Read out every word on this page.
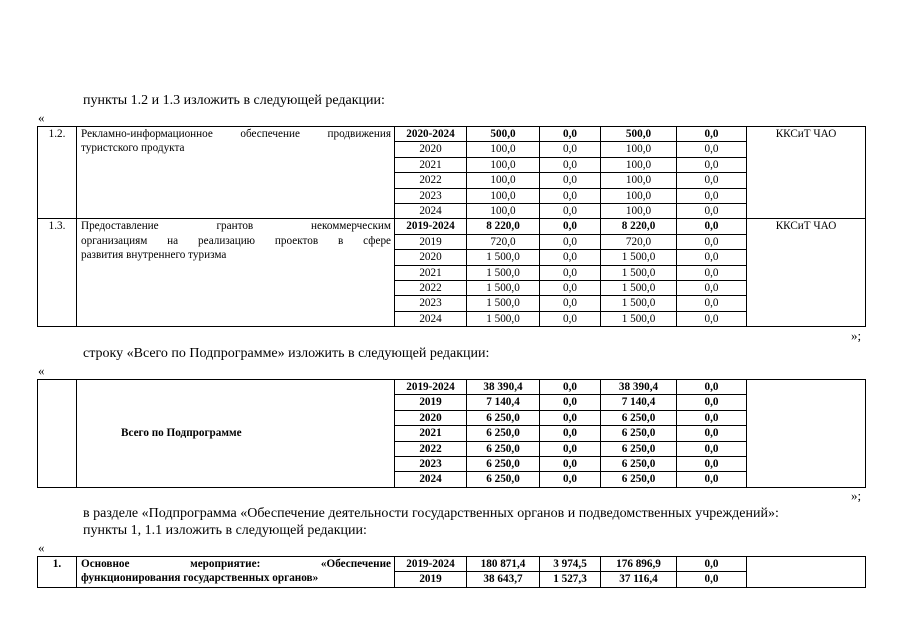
пункты 1.2 и 1.3 изложить в следующей редакции:
«
1.2.	Рекламно-информационное обеспечение продвижения
туристского продукта	2020-2024	500,0	0,0	500,0	0,0	ККСиТ ЧАО
		2020	100,0	0,0	100,0	0,0	
		2021	100,0	0,0	100,0	0,0	
		2022	100,0	0,0	100,0	0,0	
		2023	100,0	0,0	100,0	0,0	
		2024	100,0	0,0	100,0	0,0	
1.3.	Предоставление грантов некоммерческим
организациям на реализацию проектов в сфере
развития внутреннего туризма	2019-2024	8 220,0	0,0	8 220,0	0,0	ККСиТ ЧАО
		2019	720,0	0,0	720,0	0,0	
		2020	1 500,0	0,0	1 500,0	0,0	
		2021	1 500,0	0,0	1 500,0	0,0	
		2022	1 500,0	0,0	1 500,0	0,0	
		2023	1 500,0	0,0	1 500,0	0,0	
		2024	1 500,0	0,0	1 500,0	0,0	
»;
строку «Всего по Подпрограмме» изложить в следующей редакции:
«
	Всего по Подпрограмме	2019-2024	38 390,4	0,0	38 390,4	0,0	
		2019	7 140,4	0,0	7 140,4	0,0	
		2020	6 250,0	0,0	6 250,0	0,0	
		2021	6 250,0	0,0	6 250,0	0,0	
		2022	6 250,0	0,0	6 250,0	0,0	
		2023	6 250,0	0,0	6 250,0	0,0	
		2024	6 250,0	0,0	6 250,0	0,0	
»;
в разделе «Подпрограмма «Обеспечение деятельности государственных органов и подведомственных учреждений»:
пункты 1, 1.1 изложить в следующей редакции:
«
1.	Основное мероприятие: «Обеспечение
функционирования государственных органов»	2019-2024	180 871,4	3 974,5	176 896,9	0,0	
		2019	38 643,7	1 527,3	37 116,4	0,0	
